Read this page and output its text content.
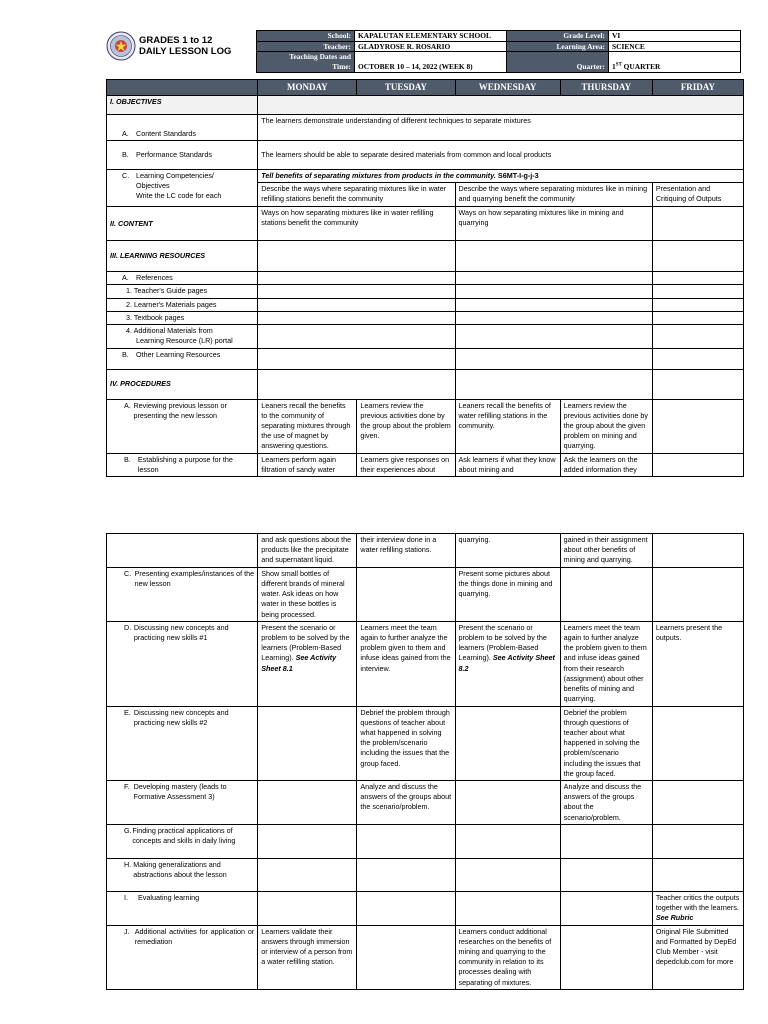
GRADES 1 to 12
DAILY LESSON LOG
School:	KAPALUTAN ELEMENTARY SCHOOL	Grade Level:	VI
Teacher:	GLADYROSE R. ROSARIO	Learning Area:	SCIENCE

Teaching Dates and
Time:	OCTOBER 10 – 14, 2022 (WEEK 8)	Quarter:	1ST QUARTER
	MONDAY	TUESDAY	WEDNESDAY	THURSDAY	FRIDAY
I. OBJECTIVES					
A. Content Standards	The learners demonstrate understanding of different techniques to separate mixtures				
B. Performance Standards	The learners should be able to separate desired materials from common and local products				

C. Learning Competencies/
Objectives
Write the LC code for each	Tell benefits of separating mixtures from products in the community. S6MT-I-g-j-3				
	Describe the ways where separating mixtures like in water refilling stations benefit the community		Describe the ways where separating mixtures like in mining and quarrying benefit the community		Presentation and Critiquing of Outputs
II. CONTENT	Ways on how separating mixtures like in water refilling stations benefit the community		Ways on how separating mixtures like in mining and quarrying		
III. LEARNING RESOURCES					
A. References					
1. Teacher's Guide pages					
2. Learner's Materials pages					
3. Textbook pages					

4. Additional Materials from
Learning Resource (LR) portal					

B. Other Learning Resources					
IV. PROCEDURES					

A. Reviewing previous lesson or presenting the new lesson	Leaners recall the benefits to the community of separating mixtures through the use of magnet by answering questions.	Learners review the previous activities done by the group about the problem given.	Leaners recall the benefits of water refilling stations in the community.	Learners review the previous activities done by the group about the given problem on mining and quarrying.	

B. Establishing a purpose for the lesson	Learners perform again filtration of sandy water	Learners give responses on their experiences about	Ask learners if what they know about mining and	Ask the learners on the added information they	
	and ask questions about the products like the precipitate and supernatant liquid.	their interview done in a water refilling stations.	quarrying.	gained in their assignment about other benefits of mining and quarrying.	

C. Presenting examples/instances of the new lesson	Show small bottles of different brands of mineral water. Ask ideas on how water in these bottles is being processed.		Present some pictures about the things done in mining and quarrying.		

D. Discussing new concepts and practicing new skills #1	Present the scenario or problem to be solved by the learners (Problem-Based Learning). See Activity Sheet 8.1	Learners meet the team again to further analyze the problem given to them and infuse ideas gained from the interview.	Present the scenario or problem to be solved by the learners (Problem-Based Learning). See Activity Sheet 8.2	Learners meet the team again to further analyze the problem given to them and infuse ideas gained from their research (assignment) about other benefits of mining and quarrying.	Learners present the outputs.

E. Discussing new concepts and practicing new skills #2		Debrief the problem through questions of teacher about what happened in solving the problem/scenario including the issues that the group faced.		Debrief the problem through questions of teacher about what happened in solving the problem/scenario including the issues that the group faced.	

F. Developing mastery (leads to Formative Assessment 3)		Analyze and discuss the answers of the groups about the scenario/problem.		Analyze and discuss the answers of the groups about the scenario/problem.	

G. Finding practical applications of concepts and skills in daily living					

H. Making generalizations and abstractions about the lesson					

I. Evaluating learning					Teacher critics the outputs together with the learners. See Rubric

J. Additional activities for application or remediation	Learners validate their answers through immersion or interview of a person from a water refilling station.		Learners conduct additional researches on the benefits of mining and quarrying to the community in relation to its processes dealing with separating of mixtures.		Original File Submitted and Formatted by DepEd Club Member - visit depedclub.com for more
